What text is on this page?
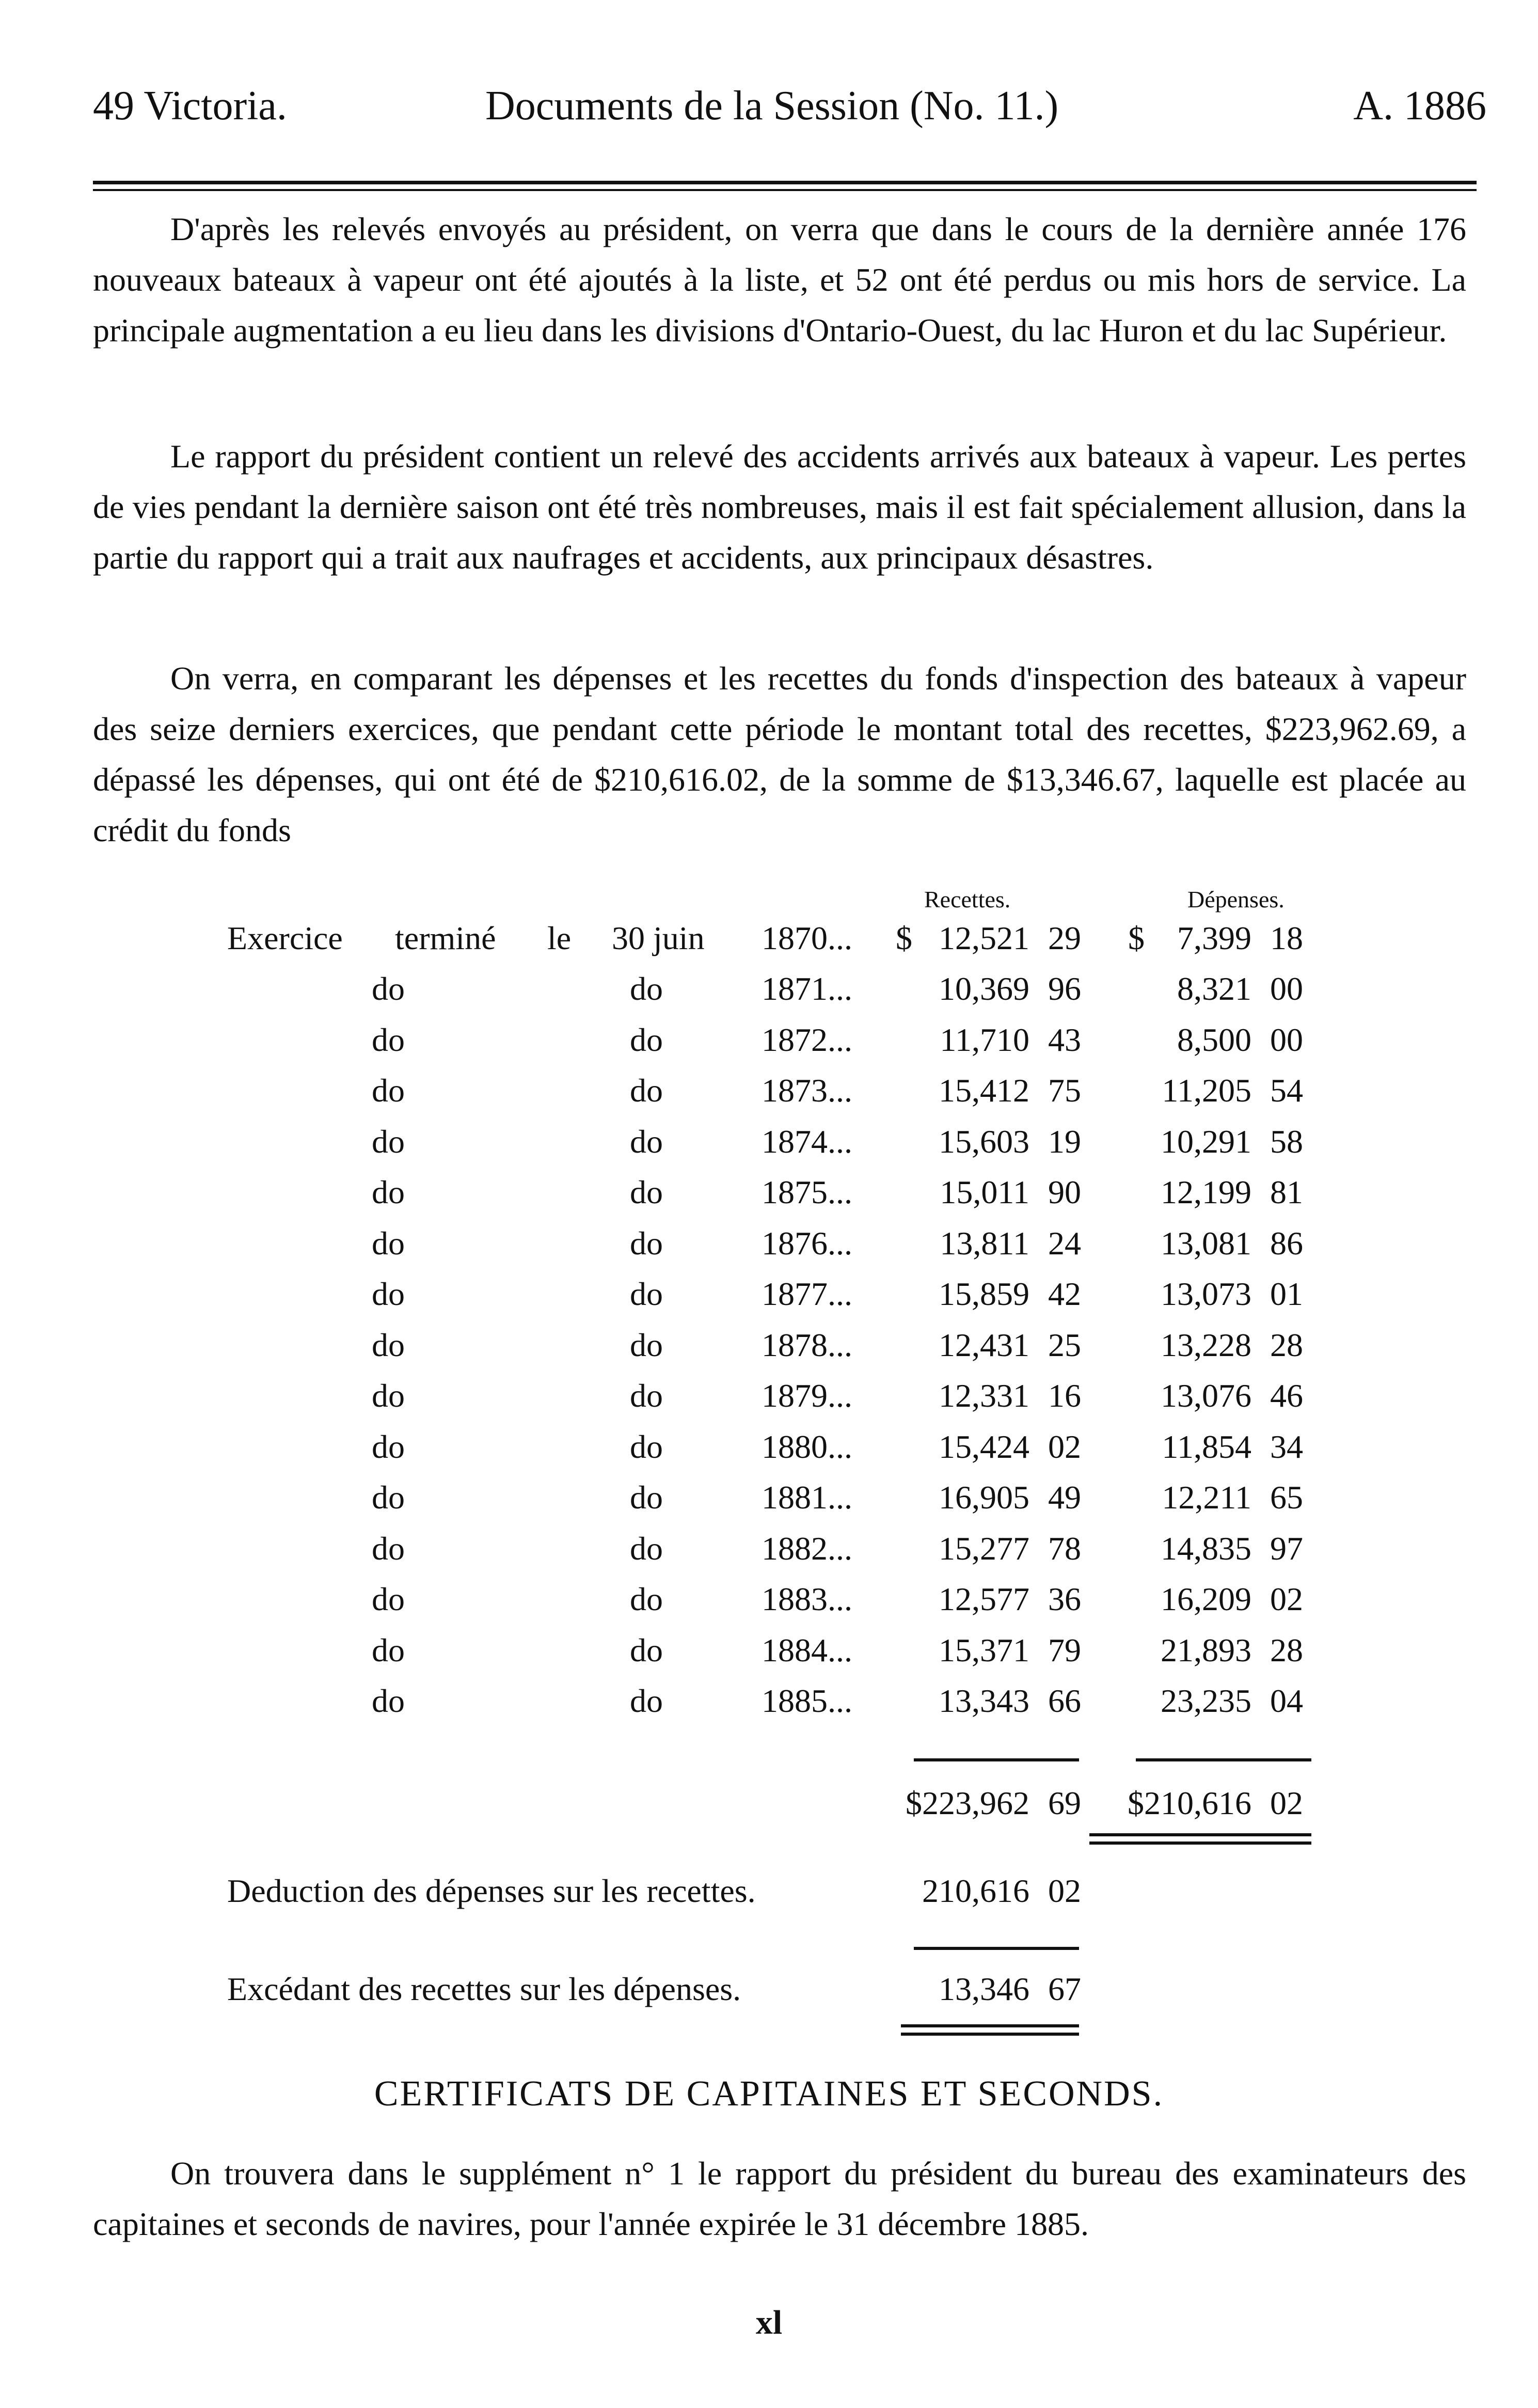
49 Victoria.	Documents de la Session (No. 11.)	A. 1886

D'après les relevés envoyés au président, on verra que dans le cours de la dernière année 176 nouveaux bateaux à vapeur ont été ajoutés à la liste, et 52 ont été perdus ou mis hors de service. La principale augmentation a eu lieu dans les divisions d'Ontario-Ouest, du lac Huron et du lac Supérieur.

Le rapport du président contient un relevé des accidents arrivés aux bateaux à vapeur. Les pertes de vies pendant la dernière saison ont été très nombreuses, mais il est fait spécialement allusion, dans la partie du rapport qui a trait aux naufrages et accidents, aux principaux désastres.

On verra, en comparant les dépenses et les recettes du fonds d'inspection des bateaux à vapeur des seize derniers exercices, que pendant cette période le montant total des recettes, $223,962.69, a dépassé les dépenses, qui ont été de $210,616.02, de la somme de $13,346.67, laquelle est placée au crédit du fonds

Recettes.	Dépenses.
Exercice terminé le 30 juin 1870... $ 12,521 29 $ 7,399 18
do	do	1871...	10,369 96	8,321 00
do	do	1872...	11,710 43	8,500 00
do	do	1873...	15,412 75 11,205 54
do	do	1874...	15,603 19 10,291 58
do	do	1875...	15,011 90 12,199 81
do	do	1876...	13,811 24 13,081 86
do	do	1877...	15,859 42 13,073 01
do	do	1878...	12,431 25 13,228 28
do	do	1879...	12,331 16 13,076 46
do	do	1880...	15,424 02 11,854 34
do	do	1881...	16,905 49 12,211 65
do	do	1882...	15,277 78 14,835 97
do	do	1883...	12,577 36 16,209 02
do	do	1884...	15,371 79 21,893 28
do	do	1885...	13,343 66 23,235 04
$223,962 69 $210,616 02
Deduction des dépenses sur les recettes.	210,616 02
Excédant des recettes sur les dépenses.	13,346 67
CERTIFICATS DE CAPITAINES ET SECONDS.

On trouvera dans le supplément n° 1 le rapport du président du bureau des examinateurs des capitaines et seconds de navires, pour l'année expirée le 31 décembre 1885.

xl
